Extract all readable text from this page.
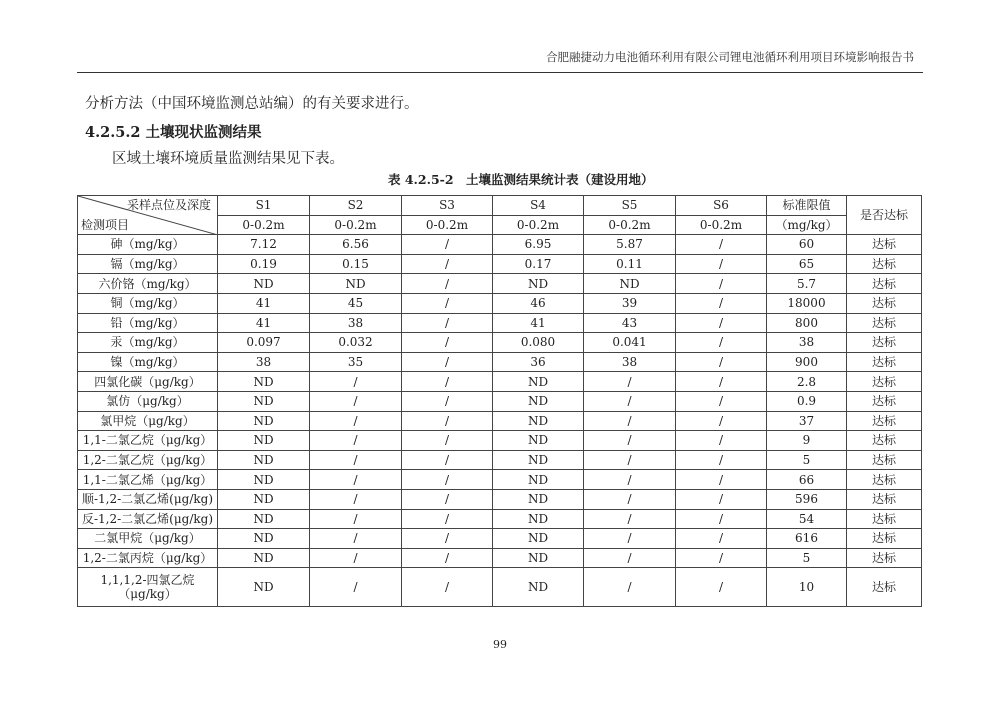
合肥融捷动力电池循环利用有限公司锂电池循环利用项目环境影响报告书
分析方法（中国环境监测总站编）的有关要求进行。
4.2.5.2 土壤现状监测结果
区域土壤环境质量监测结果见下表。
表 4.2.5-2　土壤监测结果统计表（建设用地）
采样点位及深度
检测项目	S1	S2	S3	S4	S5	S6	标准限值	是否达标
	0-0.2m	0-0.2m	0-0.2m	0-0.2m	0-0.2m	0-0.2m	（mg/kg）	
砷（mg/kg）	7.12	6.56	/	6.95	5.87	/	60	达标
镉（mg/kg）	0.19	0.15	/	0.17	0.11	/	65	达标
六价铬（mg/kg）	ND	ND	/	ND	ND	/	5.7	达标
铜（mg/kg）	41	45	/	46	39	/	18000	达标
铅（mg/kg）	41	38	/	41	43	/	800	达标
汞（mg/kg）	0.097	0.032	/	0.080	0.041	/	38	达标
镍（mg/kg）	38	35	/	36	38	/	900	达标
四氯化碳（μg/kg）	ND	/	/	ND	/	/	2.8	达标
氯仿（μg/kg）	ND	/	/	ND	/	/	0.9	达标
氯甲烷（μg/kg）	ND	/	/	ND	/	/	37	达标
1,1-二氯乙烷（μg/kg）	ND	/	/	ND	/	/	9	达标
1,2-二氯乙烷（μg/kg）	ND	/	/	ND	/	/	5	达标
1,1-二氯乙烯（μg/kg）	ND	/	/	ND	/	/	66	达标
顺-1,2-二氯乙烯(μg/kg)	ND	/	/	ND	/	/	596	达标
反-1,2-二氯乙烯(μg/kg)	ND	/	/	ND	/	/	54	达标
二氯甲烷（μg/kg）	ND	/	/	ND	/	/	616	达标
1,2-二氯丙烷（μg/kg）	ND	/	/	ND	/	/	5	达标
1,1,1,2-四氯乙烷（μg/kg）	ND	/	/	ND	/	/	10	达标
99
